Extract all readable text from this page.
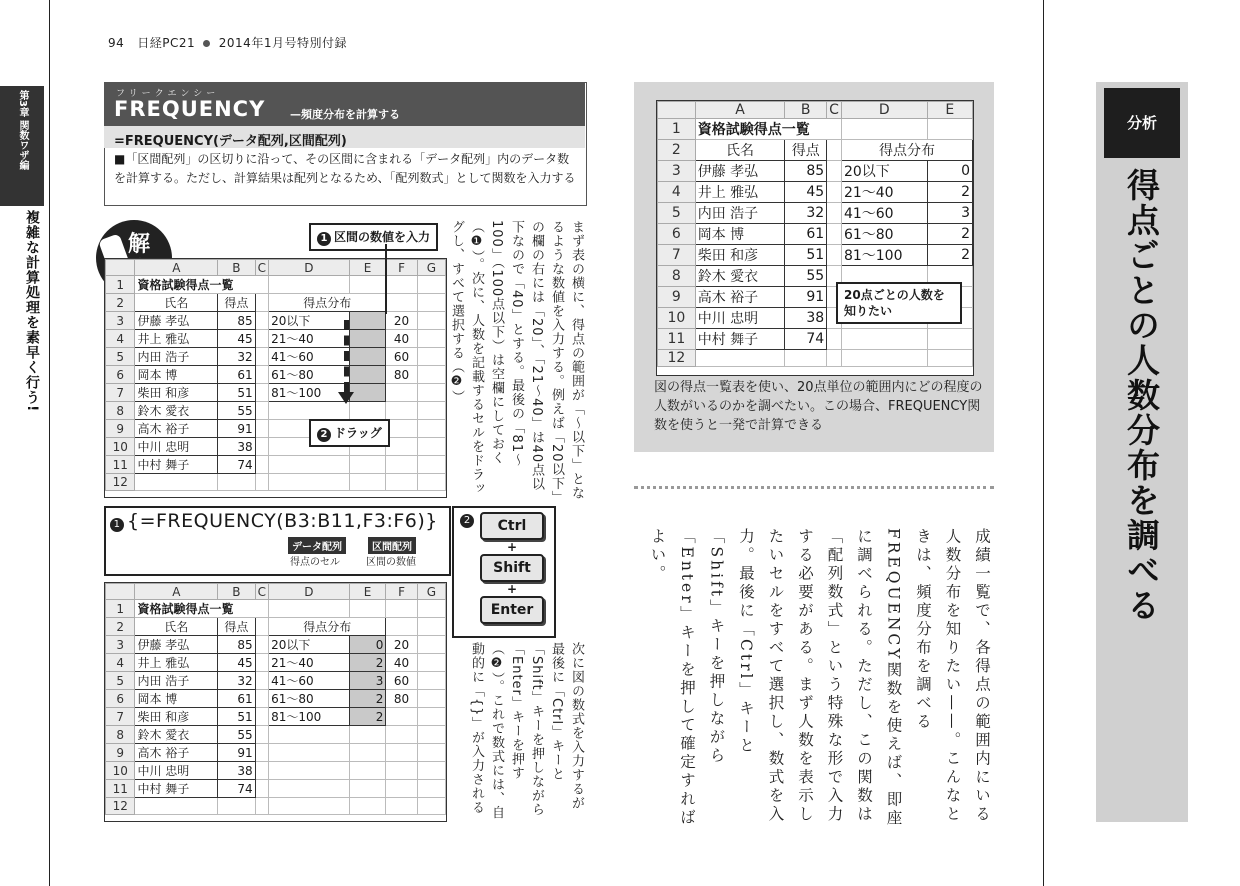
94 日経PC21 2014年1月号特別付録
第3章 関数ワザ編
複雑な計算処理を素早く行う!
フリークエンシー
FREQUENCY —頻度分布を計算する
=FREQUENCY(データ配列,区間配列)
■「区間配列」の区切りに沿って、その区間に含まれる「データ配列」内のデータ数を計算する。ただし、計算結果は配列となるため、「配列数式」として関数を入力する
解
	A	B	C	D	E	F	G
1	資格試験得点一覧						
2	氏名	得点		得点分布			
3	伊藤 孝弘	85		20以下		20	
4	井上 雅弘	45		21～40		40	
5	内田 浩子	32		41～60		60	
6	岡本 博	61		61～80		80	
7	柴田 和彦	51		81～100			
8	鈴木 愛衣	55					
9	高木 裕子	91					
10	中川 忠明	38					
11	中村 舞子	74					
12							
1 区間の数値を入力
2 ドラッグ	まず表の横に、得点の範囲が「〜以下」となるような数値を入力する。例えば「20以下」の欄の右には「20」、「21〜40」は40点以下なので「40」とする。最後の「81〜100」（100点以下）は空欄にしておく（❶）。次に、人数を記載するセルをドラッグし、すべて選択する（❷）
1 {=FREQUENCY(B3:B11,F3:F6)}
データ配列	区間配列
得点のセル	区間の数値
2	Ctrl
+
Shift
+
Enter
	A	B	C	D	E	F	G
1	資格試験得点一覧						
2	氏名	得点		得点分布			
3	伊藤 孝弘	85		20以下	0	20	
4	井上 雅弘	45		21～40	2	40	
5	内田 浩子	32		41～60	3	60	
6	岡本 博	61		61～80	2	80	
7	柴田 和彦	51		81～100	2		
8	鈴木 愛衣	55					
9	高木 裕子	91					
10	中川 忠明	38					
11	中村 舞子	74					
12								次に図の数式を入力するが最後に「Ctrl」キーと「Shift」キーを押しながら「Enter」キーを押す（❷）。これで数式には、自動的に「{}」が入力される
	A	B	C	D	E
1	資格試験得点一覧				
2	氏名	得点		得点分布	
3	伊藤 孝弘	85		20以下	0
4	井上 雅弘	45		21～40	2
5	内田 浩子	32		41～60	3
6	岡本 博	61		61～80	2
7	柴田 和彦	51		81～100	2
8	鈴木 愛衣	55			
9	高木 裕子	91			
10	中川 忠明	38			
11	中村 舞子	74			
12					
20点ごとの人数を知りたい
図の得点一覧表を使い、20点単位の範囲内にどの程度の人数がいるのかを調べたい。この場合、FREQUENCY関数を使うと一発で計算できる
成績一覧で、各得点の範囲内にいる人数分布を知りたい——。こんなときは、頻度分布を調べるFREQUENCY関数を使えば、即座に調べられる。ただし、この関数は「配列数式」という特殊な形で入力する必要がある。まず人数を表示したいセルをすべて選択し、数式を入力。最後に「Ctrl」キーと「Shift」キーを押しながら「Enter」キーを押して確定すればよい。
分析
得点ごとの人数分布を調べる
